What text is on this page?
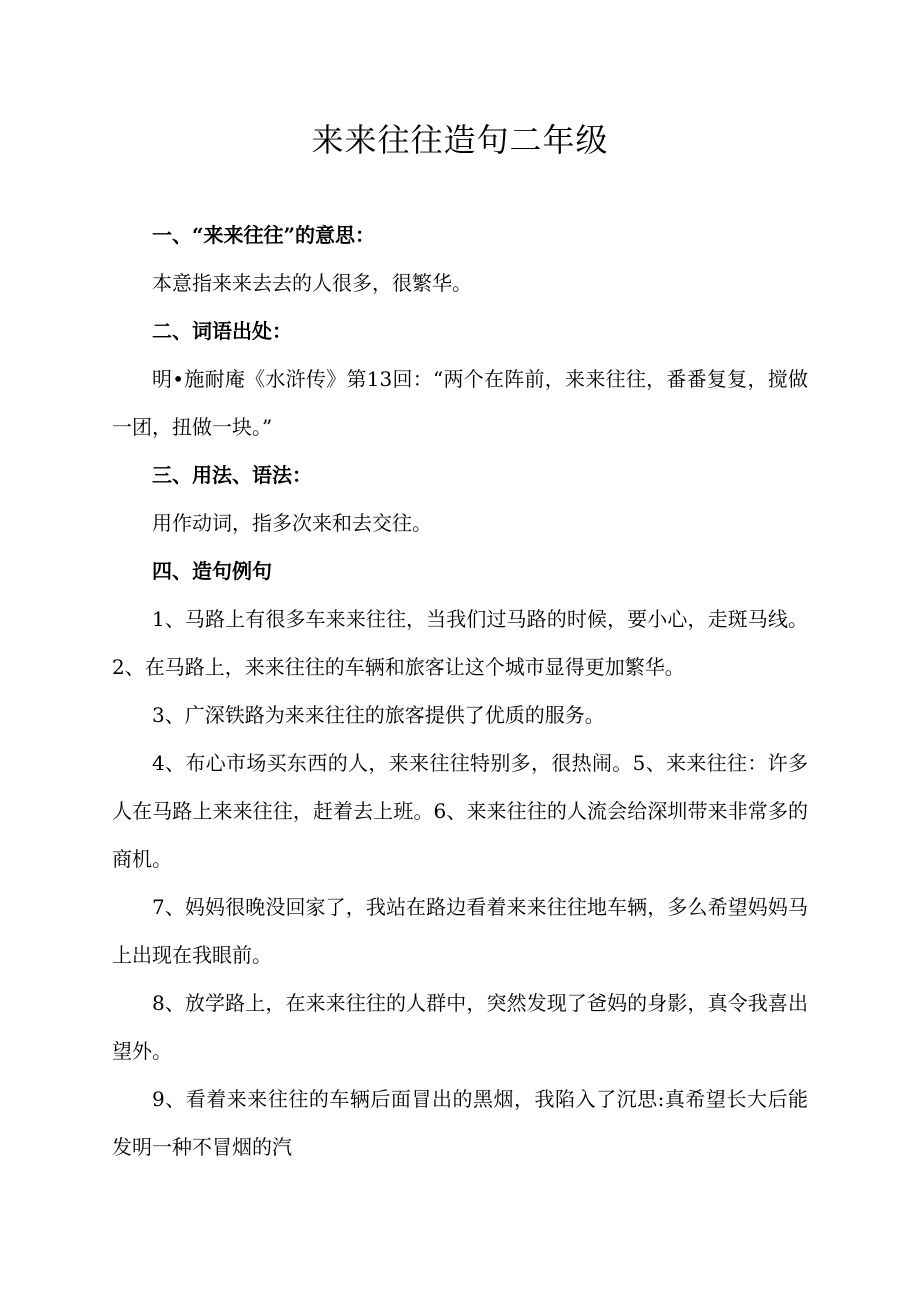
来来往往造句二年级

一、“来来往往”的意思：

本意指来来去去的人很多，很繁华。

二、词语出处：

明•施耐庵《水浒传》第13回：“两个在阵前，来来往往，番番复复，搅做一团，扭做一块。”

三、用法、语法：

用作动词，指多次来和去交往。

四、造句例句

1、马路上有很多车来来往往，当我们过马路的时候，要小心，走斑马线。2、在马路上，来来往往的车辆和旅客让这个城市显得更加繁华。

3、广深铁路为来来往往的旅客提供了优质的服务。

4、布心市场买东西的人，来来往往特别多，很热闹。5、来来往往：许多人在马路上来来往往，赶着去上班。6、来来往往的人流会给深圳带来非常多的商机。

7、妈妈很晚没回家了，我站在路边看着来来往往地车辆，多么希望妈妈马上出现在我眼前。

8、放学路上，在来来往往的人群中，突然发现了爸妈的身影，真令我喜出望外。

9、看着来来往往的车辆后面冒出的黑烟，我陷入了沉思:真希望长大后能发明一种不冒烟的汽
